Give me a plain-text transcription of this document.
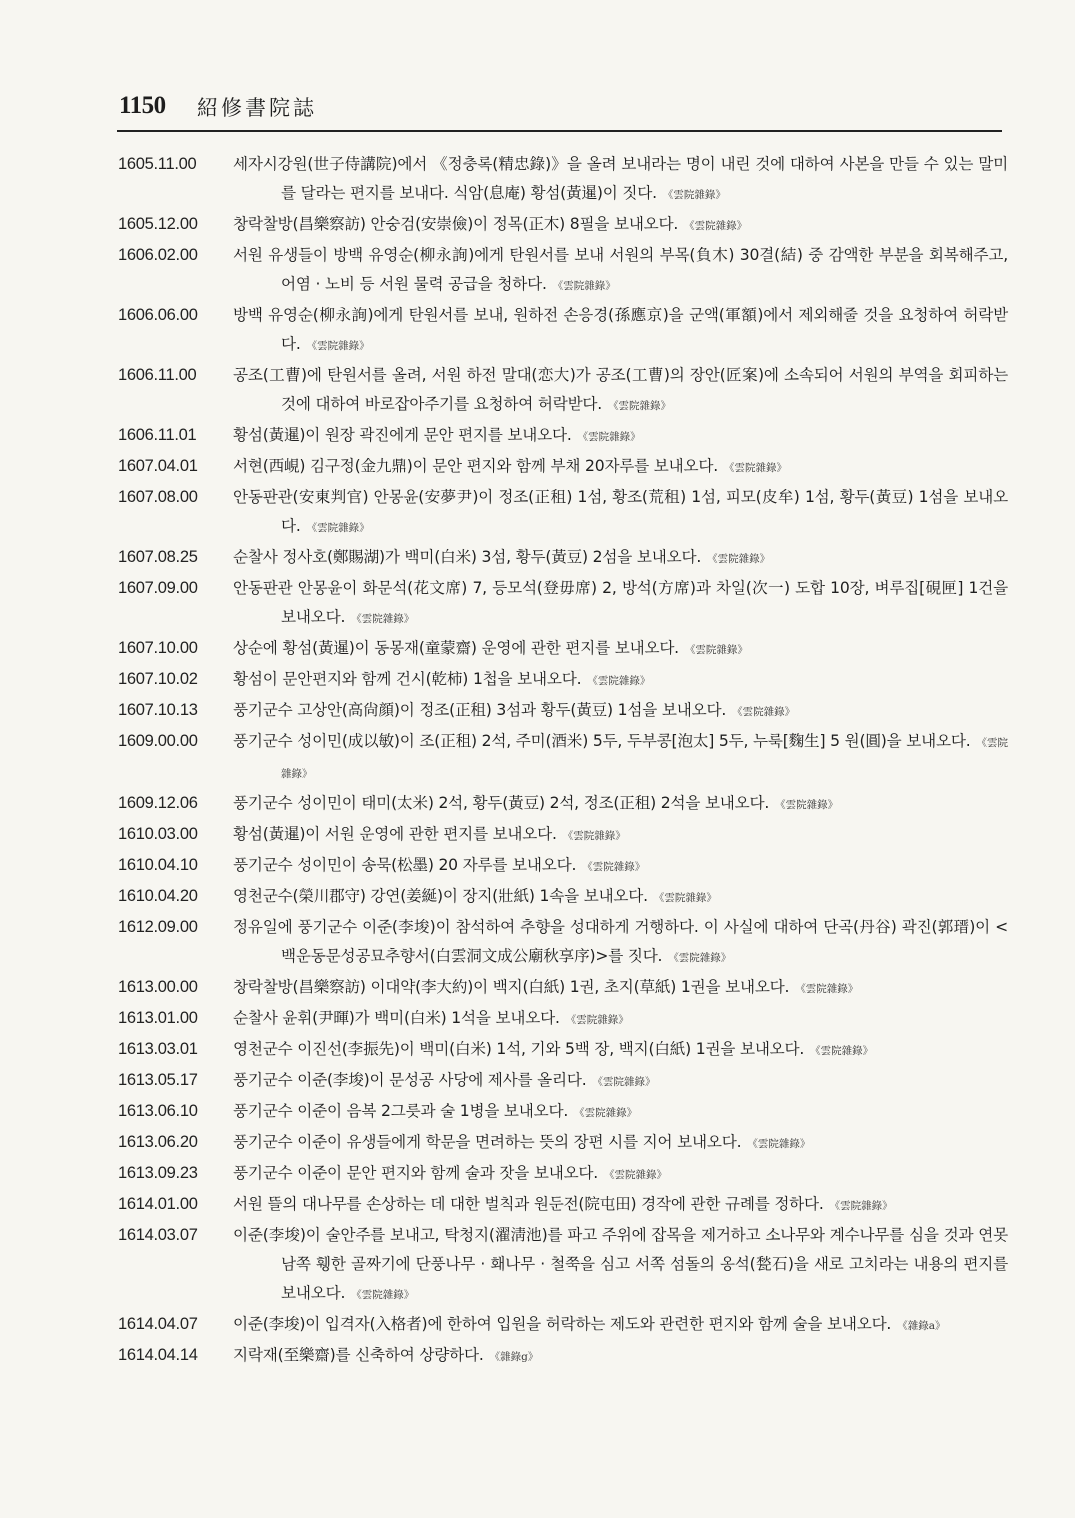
1150 紹修書院誌
1605.11.00	세자시강원(世子侍講院)에서 《정충록(精忠錄)》을 올려 보내라는 명이 내린 것에 대하여 사본을 만들 수 있는 말미를 달라는 편지를 보내다. 식암(息庵) 황섬(黃暹)이 짓다. 《雲院雜錄》
1605.12.00	창락찰방(昌樂察訪) 안숭검(安崇儉)이 정목(正木) 8필을 보내오다. 《雲院雜錄》
1606.02.00	서원 유생들이 방백 유영순(柳永詢)에게 탄원서를 보내 서원의 부목(負木) 30결(結) 중 감액한 부분을 회복해주고, 어염 · 노비 등 서원 물력 공급을 청하다. 《雲院雜錄》
1606.06.00	방백 유영순(柳永詢)에게 탄원서를 보내, 원하전 손응경(孫應京)을 군액(軍額)에서 제외해줄 것을 요청하여 허락받다. 《雲院雜錄》
1606.11.00	공조(工曹)에 탄원서를 올려, 서원 하전 말대(恋大)가 공조(工曹)의 장안(匠案)에 소속되어 서원의 부역을 회피하는 것에 대하여 바로잡아주기를 요청하여 허락받다. 《雲院雜錄》
1606.11.01	황섬(黃暹)이 원장 곽진에게 문안 편지를 보내오다. 《雲院雜錄》
1607.04.01	서현(西峴) 김구정(金九鼎)이 문안 편지와 함께 부채 20자루를 보내오다. 《雲院雜錄》
1607.08.00	안동판관(安東判官) 안몽윤(安夢尹)이 정조(正租) 1섬, 황조(荒租) 1섬, 피모(皮牟) 1섬, 황두(黃豆) 1섬을 보내오다. 《雲院雜錄》
1607.08.25	순찰사 정사호(鄭賜湖)가 백미(白米) 3섬, 황두(黃豆) 2섬을 보내오다. 《雲院雜錄》
1607.09.00	안동판관 안몽윤이 화문석(花文席) 7, 등모석(登毋席) 2, 방석(方席)과 차일(次一) 도합 10장, 벼루집[硯匣] 1건을 보내오다. 《雲院雜錄》
1607.10.00	상순에 황섬(黃暹)이 동몽재(童蒙齋) 운영에 관한 편지를 보내오다. 《雲院雜錄》
1607.10.02	황섬이 문안편지와 함께 건시(乾柿) 1첩을 보내오다. 《雲院雜錄》
1607.10.13	풍기군수 고상안(高尙顔)이 정조(正租) 3섬과 황두(黃豆) 1섬을 보내오다. 《雲院雜錄》
1609.00.00	풍기군수 성이민(成以敏)이 조(正租) 2석, 주미(酒米) 5두, 두부콩[泡太] 5두, 누룩[麴生] 5 원(圓)을 보내오다. 《雲院雜錄》
1609.12.06	풍기군수 성이민이 태미(太米) 2석, 황두(黃豆) 2석, 정조(正租) 2석을 보내오다. 《雲院雜錄》
1610.03.00	황섬(黃暹)이 서원 운영에 관한 편지를 보내오다. 《雲院雜錄》
1610.04.10	풍기군수 성이민이 송묵(松墨) 20 자루를 보내오다. 《雲院雜錄》
1610.04.20	영천군수(榮川郡守) 강연(姜綖)이 장지(壯紙) 1속을 보내오다. 《雲院雜錄》
1612.09.00	정유일에 풍기군수 이준(李埈)이 참석하여 추향을 성대하게 거행하다. 이 사실에 대하여 단곡(丹谷) 곽진(郭瑨)이 <백운동문성공묘추향서(白雲洞文成公廟秋享序)>를 짓다. 《雲院雜錄》
1613.00.00	창락찰방(昌樂察訪) 이대약(李大約)이 백지(白紙) 1권, 초지(草紙) 1권을 보내오다. 《雲院雜錄》
1613.01.00	순찰사 윤휘(尹暉)가 백미(白米) 1석을 보내오다. 《雲院雜錄》
1613.03.01	영천군수 이진선(李振先)이 백미(白米) 1석, 기와 5백 장, 백지(白紙) 1권을 보내오다. 《雲院雜錄》
1613.05.17	풍기군수 이준(李埈)이 문성공 사당에 제사를 올리다. 《雲院雜錄》
1613.06.10	풍기군수 이준이 음복 2그릇과 술 1병을 보내오다. 《雲院雜錄》
1613.06.20	풍기군수 이준이 유생들에게 학문을 면려하는 뜻의 장편 시를 지어 보내오다. 《雲院雜錄》
1613.09.23	풍기군수 이준이 문안 편지와 함께 술과 잣을 보내오다. 《雲院雜錄》
1614.01.00	서원 뜰의 대나무를 손상하는 데 대한 벌칙과 원둔전(院屯田) 경작에 관한 규례를 정하다. 《雲院雜錄》
1614.03.07	이준(李埈)이 술안주를 보내고, 탁청지(濯淸池)를 파고 주위에 잡목을 제거하고 소나무와 계수나무를 심을 것과 연못 남쪽 휑한 골짜기에 단풍나무 · 홰나무 · 철쭉을 심고 서쪽 섬돌의 옹석(甃石)을 새로 고치라는 내용의 편지를 보내오다. 《雲院雜錄》
1614.04.07	이준(李埈)이 입격자(入格者)에 한하여 입원을 허락하는 제도와 관련한 편지와 함께 술을 보내오다. 《雜錄a》
1614.04.14	지락재(至樂齋)를 신축하여 상량하다. 《雜錄g》
